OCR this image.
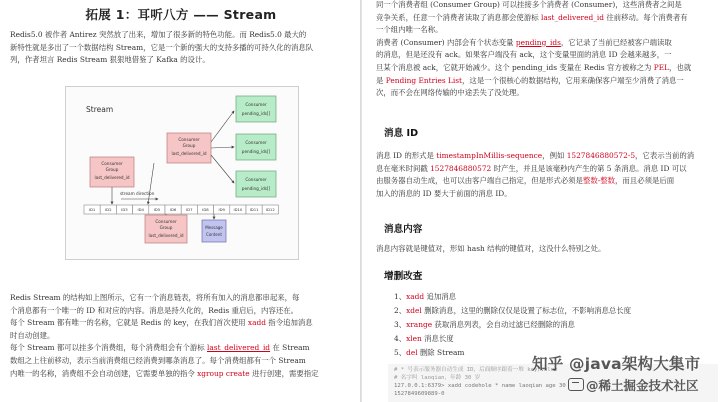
拓展 1：耳听八方 —— Stream
Redis5.0 被作者 Antirez 突然放了出来，增加了很多新的特色功能。而 Redis5.0 最大的
新特性就是多出了一个数据结构 Stream，它是一个新的强大的支持多播的可持久化的消息队
列，作者坦言 Redis Stream 狠狠地借鉴了 Kafka 的设计。
Stream
Consumer
Group
last_delivered_id
Consumer
Group
last_delivered_id
Consumer
pending_ids[]
Consumer
pending_ids[]
Consumer
pending_ids[]
stream direction
ID1	ID2	ID3	ID4	ID5	ID6	ID7	ID8	ID9 ID10 ID11 ID12
Consumer
Group
last_delivered_id
Message
Content
Redis Stream 的结构如上图所示，它有一个消息链表，将所有加入的消息都串起来，每
个消息都有一个唯一的 ID 和对应的内容。消息是持久化的，Redis 重启后，内容还在。
每个 Stream 都有唯一的名称，它就是 Redis 的 key，在我们首次使用 xadd 指令追加消息
时自动创建。
每个 Stream 都可以挂多个消费组，每个消费组会有个游标 last_delivered_id 在 Stream
数组之上往前移动，表示当前消费组已经消费到哪条消息了。每个消费组都有一个 Stream
内唯一的名称，消费组不会自动创建，它需要单独的指令 xgroup create 进行创建，需要指定
同一个消费者组 (Consumer Group) 可以挂接多个消费者 (Consumer)，这些消费者之间是
竞争关系，任意一个消费者读取了消息都会使游标 last_delivered_id 往前移动。每个消费者有
一个组内唯一名称。
消费者 (Consumer) 内部会有个状态变量 pending_ids，它记录了当前已经被客户端读取
的消息，但是还没有 ack。如果客户端没有 ack，这个变量里面的消息 ID 会越来越多，一
旦某个消息被 ack，它就开始减少。这个 pending_ids 变量在 Redis 官方被称之为 PEL，也就
是 Pending Entries List，这是一个很核心的数据结构，它用来确保客户端至少消费了消息一
次，而不会在网络传输的中途丢失了没处理。
消息 ID
消息 ID 的形式是 timestampInMillis-sequence，例如 1527846880572-5，它表示当前的消
息在毫米时间戳 1527846880572 时产生，并且是该毫秒内产生的第 5 条消息。消息 ID 可以
由服务器自动生成，也可以由客户端自己指定，但是形式必须是整数-整数，而且必须是后面
加入的消息的 ID 要大于前面的消息 ID。
消息内容
消息内容就是键值对，形如 hash 结构的键值对，这没什么特别之处。
增删改查
1、xadd 追加消息
2、xdel 删除消息，这里的删除仅仅是设置了标志位，不影响消息总长度
3、xrange 获取消息列表，会自动过滤已经删除的消息
4、xlen 消息长度
5、del 删除 Stream
# * 号表示服务器自动生成 ID，后面顺序跟着一堆 key/value
# 名字叫 laoqian，年龄 30 岁
127.0.0.1:6379> xadd codehole * name laoqian age 30
1527849609889-0
知乎 @java架构大集市
@稀土掘金技术社区
